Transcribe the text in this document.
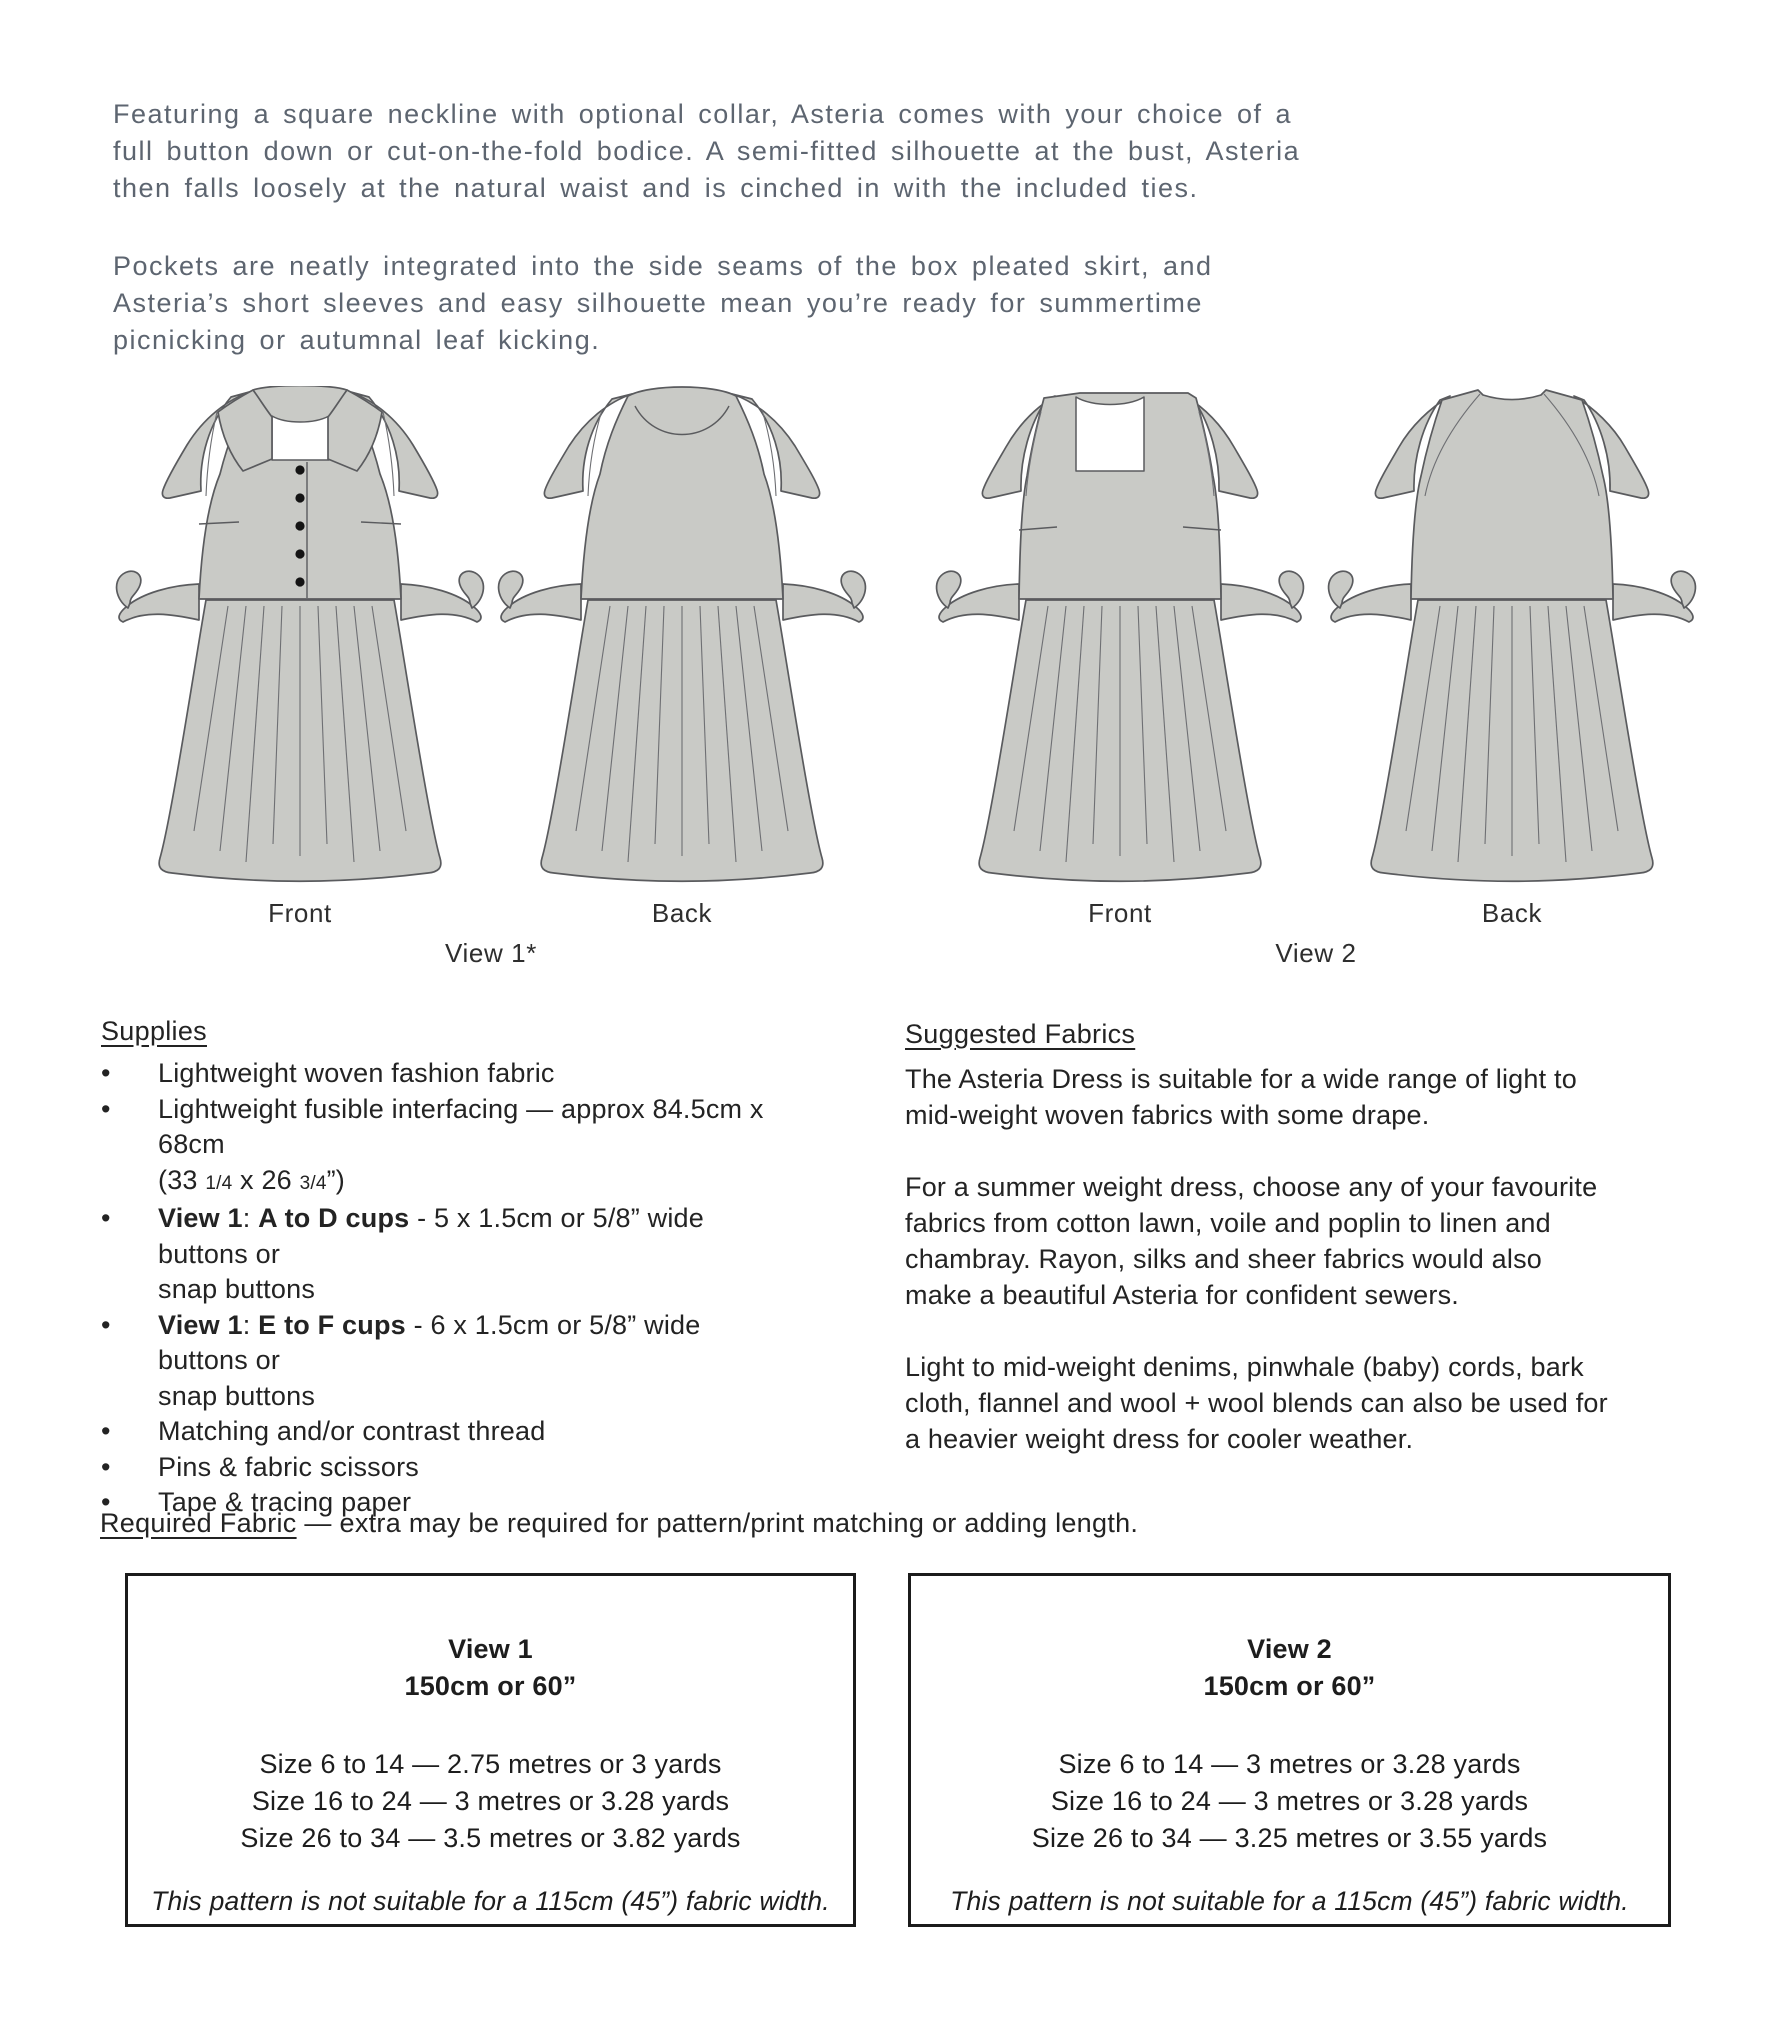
Featuring a square neckline with optional collar, Asteria comes with your choice of a full button down or cut-on-the-fold bodice. A semi-fitted silhouette at the bust, Asteria then falls loosely at the natural waist and is cinched in with the included ties.

Pockets are neatly integrated into the side seams of the box pleated skirt, and Asteria’s short sleeves and easy silhouette mean you’re ready for summertime picnicking or autumnal leaf kicking.

Front	Back	Front	Back
View 1*	View 2
Supplies
• Lightweight woven fashion fabric
• Lightweight fusible interfacing — approx 84.5cm x 68cm
(33 1/4 x 26 3/4”)
• View 1: A to D cups - 5 x 1.5cm or 5/8” wide buttons or
snap buttons
• View 1: E to F cups - 6 x 1.5cm or 5/8” wide buttons or
snap buttons
• Matching and/or contrast thread
• Pins & fabric scissors
• Tape & tracing paper
Suggested Fabrics

The Asteria Dress is suitable for a wide range of light to mid-weight woven fabrics with some drape.

For a summer weight dress, choose any of your favourite fabrics from cotton lawn, voile and poplin to linen and chambray. Rayon, silks and sheer fabrics would also make a beautiful Asteria for confident sewers.

Light to mid-weight denims, pinwhale (baby) cords, bark cloth, flannel and wool + wool blends can also be used for a heavier weight dress for cooler weather.

Required Fabric — extra may be required for pattern/print matching or adding length.
View 1
150cm or 60”
Size 6 to 14 — 2.75 metres or 3 yards
Size 16 to 24 — 3 metres or 3.28 yards
Size 26 to 34 — 3.5 metres or 3.82 yards
This pattern is not suitable for a 115cm (45”) fabric width.
View 2
150cm or 60”
Size 6 to 14 — 3 metres or 3.28 yards
Size 16 to 24 — 3 metres or 3.28 yards
Size 26 to 34 — 3.25 metres or 3.55 yards
This pattern is not suitable for a 115cm (45”) fabric width.
